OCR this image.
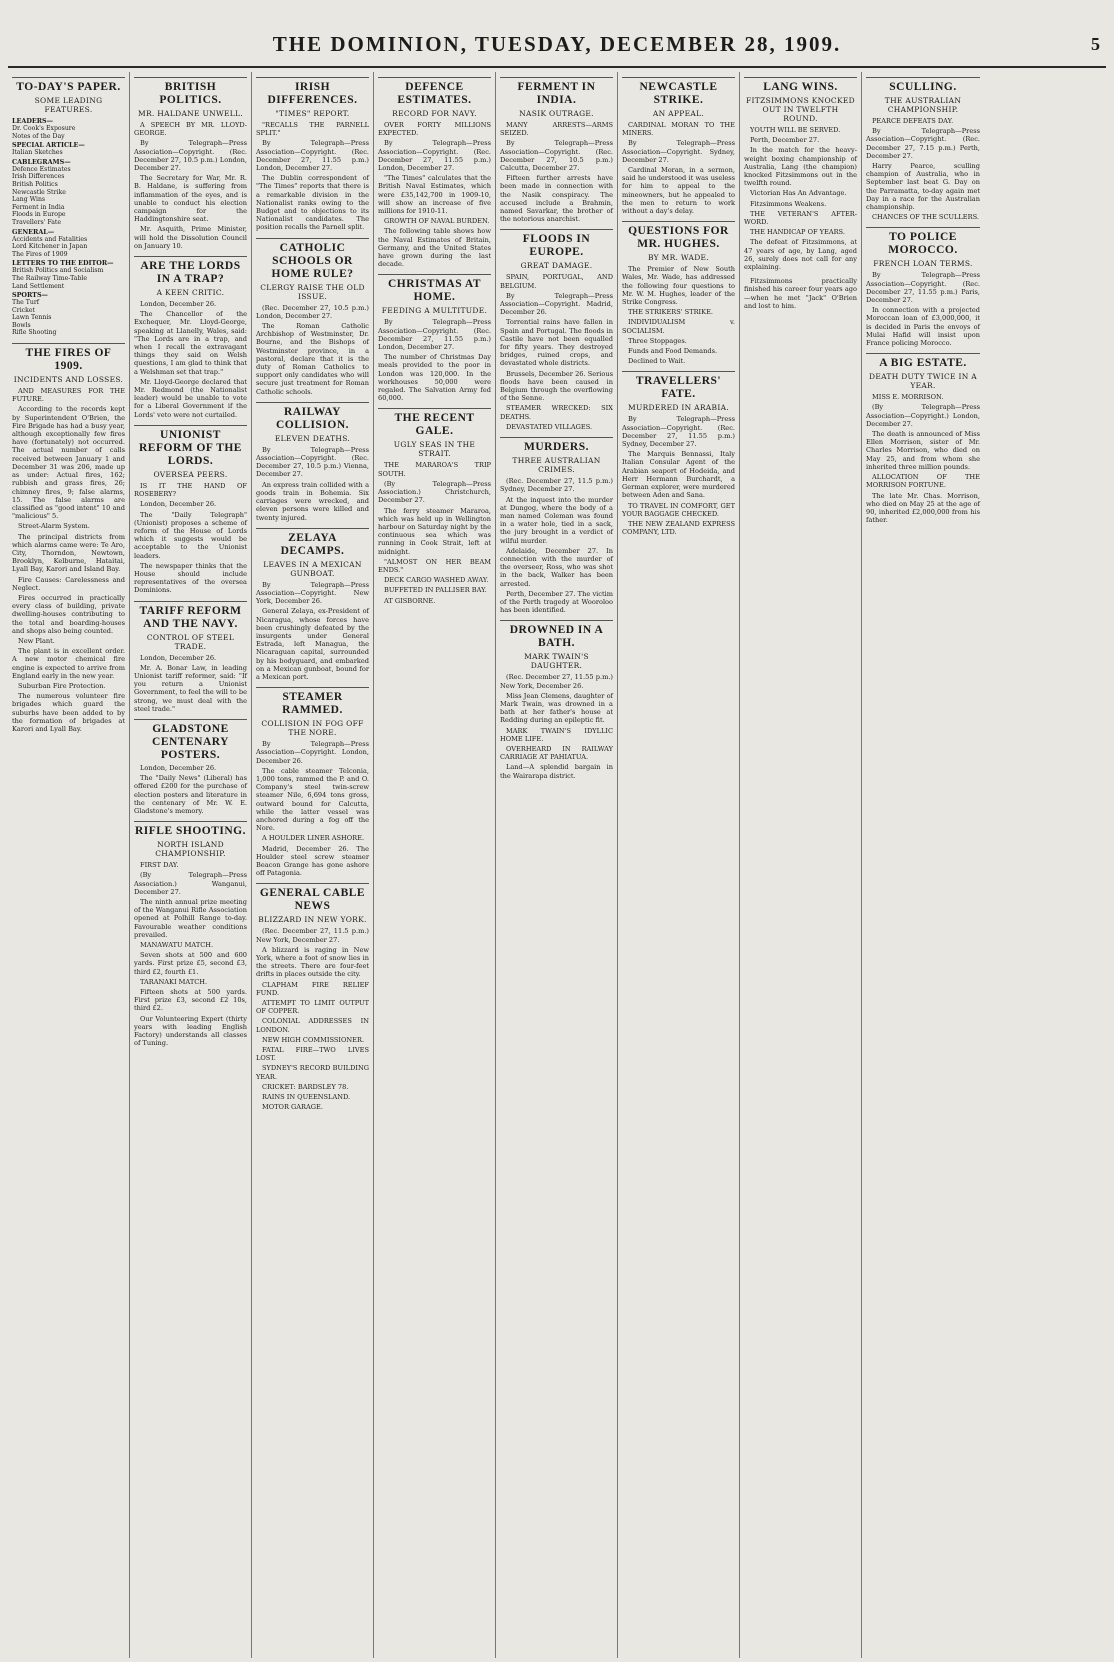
THE DOMINION, TUESDAY, DECEMBER 28, 1909.	5
TO-DAY'S PAPER.
SOME LEADING FEATURES.
LEADERS—
Dr. Cook's Exposure
Notes of the Day
SPECIAL ARTICLE—
Italian Sketches
CABLEGRAMS—
Defence Estimates
Irish Differences
British Politics
Newcastle Strike
Lang Wins
Ferment in India
Floods in Europe
Travellers' Fate
GENERAL—
Accidents and Fatalities
Lord Kitchener in Japan
The Fires of 1909
LETTERS TO THE EDITOR—
British Politics and Socialism
The Railway Time-Table
Land Settlement
SPORTS—
The Turf
Cricket
Lawn Tennis
Bowls
Rifle Shooting
THE FIRES OF 1909.
INCIDENTS AND LOSSES.

AND MEASURES FOR THE FUTURE.

According to the records kept by Superintendent O'Brien, the Fire Brigade has had a busy year, although exceptionally few fires have (fortunately) not occurred. The actual number of calls received between January 1 and December 31 was 206, made up as under: Actual fires, 162; rubbish and grass fires, 26; chimney fires, 9; false alarms, 15. The false alarms are classified as "good intent" 10 and "malicious" 5.

Street-Alarm System.

The principal districts from which alarms came were: Te Aro, City, Thorndon, Newtown, Brooklyn, Kelburne, Hataitai, Lyall Bay, Karori and Island Bay.

Fire Causes: Carelessness and Neglect.

Fires occurred in practically every class of building, private dwelling-houses contributing to the total and boarding-houses and shops also being counted.

New Plant.

The plant is in excellent order. A new motor chemical fire engine is expected to arrive from England early in the new year.

Suburban Fire Protection.

The numerous volunteer fire brigades which guard the suburbs have been added to by the formation of brigades at Karori and Lyall Bay.

BRITISH POLITICS.
MR. HALDANE UNWELL.

A SPEECH BY MR. LLOYD-GEORGE.

By Telegraph—Press Association—Copyright. (Rec. December 27, 10.5 p.m.) London, December 27.

The Secretary for War, Mr. R. B. Haldane, is suffering from inflammation of the eyes, and is unable to conduct his election campaign for the Haddingtonshire seat.

Mr. Asquith, Prime Minister, will hold the Dissolution Council on January 10.

ARE THE LORDS IN A TRAP?
A KEEN CRITIC.

London, December 26.

The Chancellor of the Exchequer, Mr. Lloyd-George, speaking at Llanelly, Wales, said: "The Lords are in a trap, and when I recall the extravagant things they said on Welsh questions, I am glad to think that a Welshman set that trap."

Mr. Lloyd-George declared that Mr. Redmond (the Nationalist leader) would be unable to vote for a Liberal Government if the Lords' veto were not curtailed.

UNIONIST REFORM OF THE LORDS.
OVERSEA PEERS.

IS IT THE HAND OF ROSEBERY?

London, December 26.

The "Daily Telegraph" (Unionist) proposes a scheme of reform of the House of Lords which it suggests would be acceptable to the Unionist leaders.

The newspaper thinks that the House should include representatives of the oversea Dominions.

TARIFF REFORM AND THE NAVY.
CONTROL OF STEEL TRADE.

London, December 26.

Mr. A. Bonar Law, in leading Unionist tariff reformer, said: "If you return a Unionist Government, to feel the will to be strong, we must deal with the steel trade."

GLADSTONE CENTENARY POSTERS.

London, December 26.

The "Daily News" (Liberal) has offered £200 for the purchase of election posters and literature in the centenary of Mr. W. E. Gladstone's memory.

RIFLE SHOOTING.
NORTH ISLAND CHAMPIONSHIP.

FIRST DAY.

(By Telegraph—Press Association.) Wanganui, December 27.

The ninth annual prize meeting of the Wanganui Rifle Association opened at Polhill Range to-day. Favourable weather conditions prevailed.

MANAWATU MATCH.

Seven shots at 500 and 600 yards. First prize £5, second £3, third £2, fourth £1.

TARANAKI MATCH.

Fifteen shots at 500 yards. First prize £3, second £2 10s, third £2.

Our Volunteering Expert (thirty years with leading English Factory) understands all classes of Tuning.

IRISH DIFFERENCES.
"TIMES" REPORT.

"RECALLS THE PARNELL SPLIT."

By Telegraph—Press Association—Copyright. (Rec. December 27, 11.55 p.m.) London, December 27.

The Dublin correspondent of "The Times" reports that there is a remarkable division in the Nationalist ranks owing to the Budget and to objections to its Nationalist candidates. The position recalls the Parnell split.

CATHOLIC SCHOOLS OR HOME RULE?
CLERGY RAISE THE OLD ISSUE.

(Rec. December 27, 10.5 p.m.) London, December 27.

The Roman Catholic Archbishop of Westminster, Dr. Bourne, and the Bishops of Westminster province, in a pastoral, declare that it is the duty of Roman Catholics to support only candidates who will secure just treatment for Roman Catholic schools.

RAILWAY COLLISION.
ELEVEN DEATHS.

By Telegraph—Press Association—Copyright. (Rec. December 27, 10.5 p.m.) Vienna, December 27.

An express train collided with a goods train in Bohemia. Six carriages were wrecked, and eleven persons were killed and twenty injured.

ZELAYA DECAMPS.
LEAVES IN A MEXICAN GUNBOAT.

By Telegraph—Press Association—Copyright. New York, December 26.

General Zelaya, ex-President of Nicaragua, whose forces have been crushingly defeated by the insurgents under General Estrada, left Managua, the Nicaraguan capital, surrounded by his bodyguard, and embarked on a Mexican gunboat, bound for a Mexican port.

STEAMER RAMMED.
COLLISION IN FOG OFF THE NORE.

By Telegraph—Press Association—Copyright. London, December 26.

The cable steamer Telconia, 1,000 tons, rammed the P. and O. Company's steel twin-screw steamer Nile, 6,694 tons gross, outward bound for Calcutta, while the latter vessel was anchored during a fog off the Nore.

A HOULDER LINER ASHORE.

Madrid, December 26. The Houlder steel screw steamer Beacon Grange has gone ashore off Patagonia.

GENERAL CABLE NEWS
BLIZZARD IN NEW YORK.

(Rec. December 27, 11.5 p.m.) New York, December 27.

A blizzard is raging in New York, where a foot of snow lies in the streets. There are four-feet drifts in places outside the city.

CLAPHAM FIRE RELIEF FUND.

ATTEMPT TO LIMIT OUTPUT OF COPPER.

COLONIAL ADDRESSES IN LONDON.

NEW HIGH COMMISSIONER.

FATAL FIRE—TWO LIVES LOST.

SYDNEY'S RECORD BUILDING YEAR.

CRICKET: BARDSLEY 78.

RAINS IN QUEENSLAND.

MOTOR GARAGE.

DEFENCE ESTIMATES.
RECORD FOR NAVY.

OVER FORTY MILLIONS EXPECTED.

By Telegraph—Press Association—Copyright. (Rec. December 27, 11.55 p.m.) London, December 27.

"The Times" calculates that the British Naval Estimates, which were £35,142,700 in 1909-10, will show an increase of five millions for 1910-11.

GROWTH OF NAVAL BURDEN.

The following table shows how the Naval Estimates of Britain, Germany, and the United States have grown during the last decade.

CHRISTMAS AT HOME.
FEEDING A MULTITUDE.

By Telegraph—Press Association—Copyright. (Rec. December 27, 11.55 p.m.) London, December 27.

The number of Christmas Day meals provided to the poor in London was 120,000. In the workhouses 50,000 were regaled. The Salvation Army fed 60,000.

THE RECENT GALE.
UGLY SEAS IN THE STRAIT.

THE MARAROA'S TRIP SOUTH.

(By Telegraph—Press Association.) Christchurch, December 27.

The ferry steamer Mararoa, which was held up in Wellington harbour on Saturday night by the continuous sea which was running in Cook Strait, left at midnight.

"ALMOST ON HER BEAM ENDS."

DECK CARGO WASHED AWAY.

BUFFETED IN PALLISER BAY.

AT GISBORNE.

FERMENT IN INDIA.
NASIK OUTRAGE.

MANY ARRESTS—ARMS SEIZED.

By Telegraph—Press Association—Copyright. (Rec. December 27, 10.5 p.m.) Calcutta, December 27.

Fifteen further arrests have been made in connection with the Nasik conspiracy. The accused include a Brahmin, named Savarkar, the brother of the notorious anarchist.

FLOODS IN EUROPE.
GREAT DAMAGE.

SPAIN, PORTUGAL, AND BELGIUM.

By Telegraph—Press Association—Copyright. Madrid, December 26.

Torrential rains have fallen in Spain and Portugal. The floods in Castile have not been equalled for fifty years. They destroyed bridges, ruined crops, and devastated whole districts.

Brussels, December 26. Serious floods have been caused in Belgium through the overflowing of the Senne.

STEAMER WRECKED: SIX DEATHS.

DEVASTATED VILLAGES.

MURDERS.
THREE AUSTRALIAN CRIMES.

(Rec. December 27, 11.5 p.m.) Sydney, December 27.

At the inquest into the murder at Dungog, where the body of a man named Coleman was found in a water hole, tied in a sack, the jury brought in a verdict of wilful murder.

Adelaide, December 27. In connection with the murder of the overseer, Ross, who was shot in the back, Walker has been arrested.

Perth, December 27. The victim of the Perth tragedy at Wooroloo has been identified.

DROWNED IN A BATH.
MARK TWAIN'S DAUGHTER.

(Rec. December 27, 11.55 p.m.) New York, December 26.

Miss Jean Clemens, daughter of Mark Twain, was drowned in a bath at her father's house at Redding during an epileptic fit.

MARK TWAIN'S IDYLLIC HOME LIFE.

OVERHEARD IN RAILWAY CARRIAGE AT PAHIATUA.

Land—A splendid bargain in the Wairarapa district.

NEWCASTLE STRIKE.
AN APPEAL.

CARDINAL MORAN TO THE MINERS.

By Telegraph—Press Association—Copyright. Sydney, December 27.

Cardinal Moran, in a sermon, said he understood it was useless for him to appeal to the mineowners, but he appealed to the men to return to work without a day's delay.

QUESTIONS FOR MR. HUGHES.
BY MR. WADE.

The Premier of New South Wales, Mr. Wade, has addressed the following four questions to Mr. W. M. Hughes, leader of the Strike Congress.

THE STRIKERS' STRIKE.

INDIVIDUALISM v. SOCIALISM.

Three Stoppages.

Funds and Food Demands.

Declined to Wait.

TRAVELLERS' FATE.
MURDERED IN ARABIA.

By Telegraph—Press Association—Copyright. (Rec. December 27, 11.55 p.m.) Sydney, December 27.

The Marquis Bennassi, Italy Italian Consular Agent of the Arabian seaport of Hodeida, and Herr Hermann Burchardt, a German explorer, were murdered between Aden and Sana.

TO TRAVEL IN COMFORT, GET YOUR BAGGAGE CHECKED.

THE NEW ZEALAND EXPRESS COMPANY, LTD.

LANG WINS.
FITZSIMMONS KNOCKED OUT IN TWELFTH ROUND.

YOUTH WILL BE SERVED.

Perth, December 27.

In the match for the heavy-weight boxing championship of Australia, Lang (the champion) knocked Fitzsimmons out in the twelfth round.

Victorian Has An Advantage.

Fitzsimmons Weakens.

THE VETERAN'S AFTER-WORD.

THE HANDICAP OF YEARS.

The defeat of Fitzsimmons, at 47 years of age, by Lang, aged 26, surely does not call for any explaining.

Fitzsimmons practically finished his career four years ago—when he met "Jack" O'Brien and lost to him.

SCULLING.
THE AUSTRALIAN CHAMPIONSHIP.

PEARCE DEFEATS DAY.

By Telegraph—Press Association—Copyright. (Rec. December 27, 7.15 p.m.) Perth, December 27.

Harry Pearce, sculling champion of Australia, who in September last beat G. Day on the Parramatta, to-day again met Day in a race for the Australian championship.

CHANCES OF THE SCULLERS.

TO POLICE MOROCCO.
FRENCH LOAN TERMS.

By Telegraph—Press Association—Copyright. (Rec. December 27, 11.55 p.m.) Paris, December 27.

In connection with a projected Moroccan loan of £3,000,000, it is decided in Paris the envoys of Mulai Hafid will insist upon France policing Morocco.

A BIG ESTATE.
DEATH DUTY TWICE IN A YEAR.

MISS E. MORRISON.

(By Telegraph—Press Association—Copyright.) London, December 27.

The death is announced of Miss Ellen Morrison, sister of Mr. Charles Morrison, who died on May 25, and from whom she inherited three million pounds.

ALLOCATION OF THE MORRISON FORTUNE.

The late Mr. Chas. Morrison, who died on May 25 at the age of 90, inherited £2,000,000 from his father.
